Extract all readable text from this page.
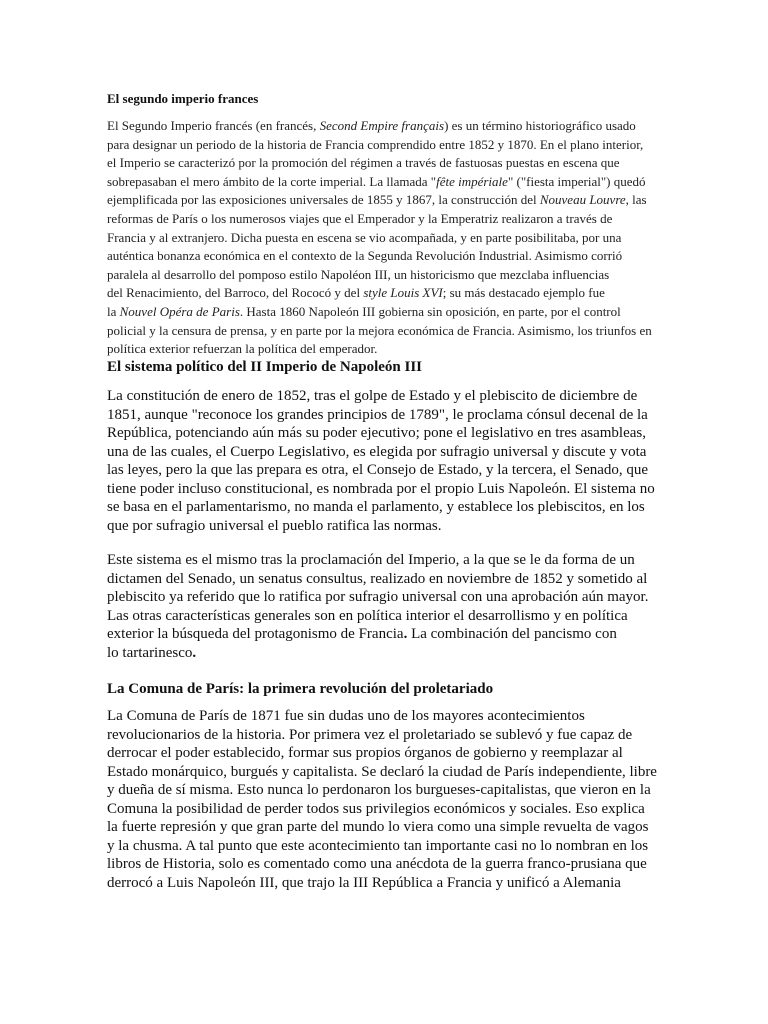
El segundo imperio frances
El Segundo Imperio francés (en francés, Second Empire français) es un término historiográfico usado
para designar un periodo de la historia de Francia comprendido entre 1852 y 1870. En el plano interior,
el Imperio se caracterizó por la promoción del régimen a través de fastuosas puestas en escena que
sobrepasaban el mero ámbito de la corte imperial. La llamada "fête impériale" ("fiesta imperial") quedó
ejemplificada por las exposiciones universales de 1855 y 1867, la construcción del Nouveau Louvre, las
reformas de París o los numerosos viajes que el Emperador y la Emperatriz realizaron a través de
Francia y al extranjero. Dicha puesta en escena se vio acompañada, y en parte posibilitaba, por una
auténtica bonanza económica en el contexto de la Segunda Revolución Industrial. Asimismo corrió
paralela al desarrollo del pomposo estilo Napoléon III, un historicismo que mezclaba influencias
del Renacimiento, del Barroco, del Rococó y del style Louis XVI; su más destacado ejemplo fue
la Nouvel Opéra de Paris. Hasta 1860 Napoleón III gobierna sin oposición, en parte, por el control
policial y la censura de prensa, y en parte por la mejora económica de Francia. Asimismo, los triunfos en
política exterior refuerzan la política del emperador.
El sistema político del II Imperio de Napoleón III
La constitución de enero de 1852, tras el golpe de Estado y el plebiscito de diciembre de
1851, aunque "reconoce los grandes principios de 1789", le proclama cónsul decenal de la
República, potenciando aún más su poder ejecutivo; pone el legislativo en tres asambleas,
una de las cuales, el Cuerpo Legislativo, es elegida por sufragio universal y discute y vota
las leyes, pero la que las prepara es otra, el Consejo de Estado, y la tercera, el Senado, que
tiene poder incluso constitucional, es nombrada por el propio Luis Napoleón. El sistema no
se basa en el parlamentarismo, no manda el parlamento, y establece los plebiscitos, en los
que por sufragio universal el pueblo ratifica las normas.
Este sistema es el mismo tras la proclamación del Imperio, a la que se le da forma de un
dictamen del Senado, un senatus consultus, realizado en noviembre de 1852 y sometido al
plebiscito ya referido que lo ratifica por sufragio universal con una aprobación aún mayor.
Las otras características generales son en política interior el desarrollismo y en política
exterior la búsqueda del protagonismo de Francia. La combinación del pancismo con
lo tartarinesco.
La Comuna de París: la primera revolución del proletariado
La Comuna de París de 1871 fue sin dudas uno de los mayores acontecimientos
revolucionarios de la historia. Por primera vez el proletariado se sublevó y fue capaz de
derrocar el poder establecido, formar sus propios órganos de gobierno y reemplazar al
Estado monárquico, burgués y capitalista. Se declaró la ciudad de París independiente, libre
y dueña de sí misma. Esto nunca lo perdonaron los burgueses-capitalistas, que vieron en la
Comuna la posibilidad de perder todos sus privilegios económicos y sociales. Eso explica
la fuerte represión y que gran parte del mundo lo viera como una simple revuelta de vagos
y la chusma. A tal punto que este acontecimiento tan importante casi no lo nombran en los
libros de Historia, solo es comentado como una anécdota de la guerra franco-prusiana que
derrocó a Luis Napoleón III, que trajo la III República a Francia y unificó a Alemania
